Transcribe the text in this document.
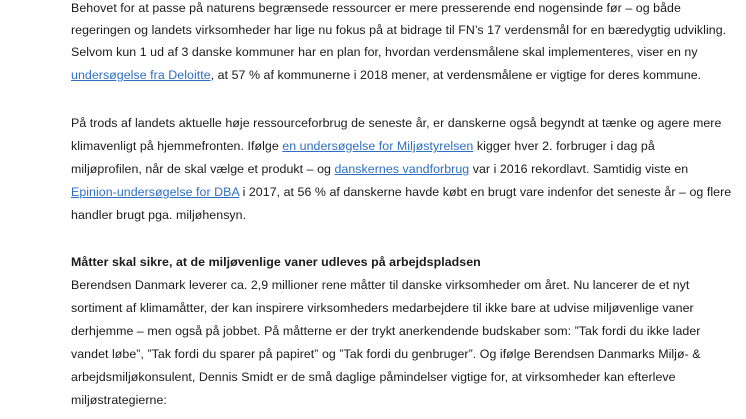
Behovet for at passe på naturens begrænsede ressourcer er mere presserende end nogensinde før – og både
regeringen og landets virksomheder har lige nu fokus på at bidrage til FN’s 17 verdensmål for en bæredygtig udvikling.
Selvom kun 1 ud af 3 danske kommuner har en plan for, hvordan verdensmålene skal implementeres, viser en ny
undersøgelse fra Deloitte, at 57 % af kommunerne i 2018 mener, at verdensmålene er vigtige for deres kommune.
På trods af landets aktuelle høje ressourceforbrug de seneste år, er danskerne også begyndt at tænke og agere mere
klimavenligt på hjemmefronten. Ifølge en undersøgelse for Miljøstyrelsen kigger hver 2. forbruger i dag på
miljøprofilen, når de skal vælge et produkt – og danskernes vandforbrug var i 2016 rekordlavt. Samtidig viste en
Epinion-undersøgelse for DBA i 2017, at 56 % af danskerne havde købt en brugt vare indenfor det seneste år – og flere
handler brugt pga. miljøhensyn.
Måtter skal sikre, at de miljøvenlige vaner udleves på arbejdspladsen
Berendsen Danmark leverer ca. 2,9 millioner rene måtter til danske virksomheder om året. Nu lancerer de et nyt
sortiment af klimamåtter, der kan inspirere virksomheders medarbejdere til ikke bare at udvise miljøvenlige vaner
derhjemme – men også på jobbet. På måtterne er der trykt anerkendende budskaber som: ”Tak fordi du ikke lader
vandet løbe”, ”Tak fordi du sparer på papiret” og ”Tak fordi du genbruger”. Og ifølge Berendsen Danmarks Miljø- &
arbejdsmiljøkonsulent, Dennis Smidt er de små daglige påmindelser vigtige for, at virksomheder kan efterleve
miljøstrategierne:
